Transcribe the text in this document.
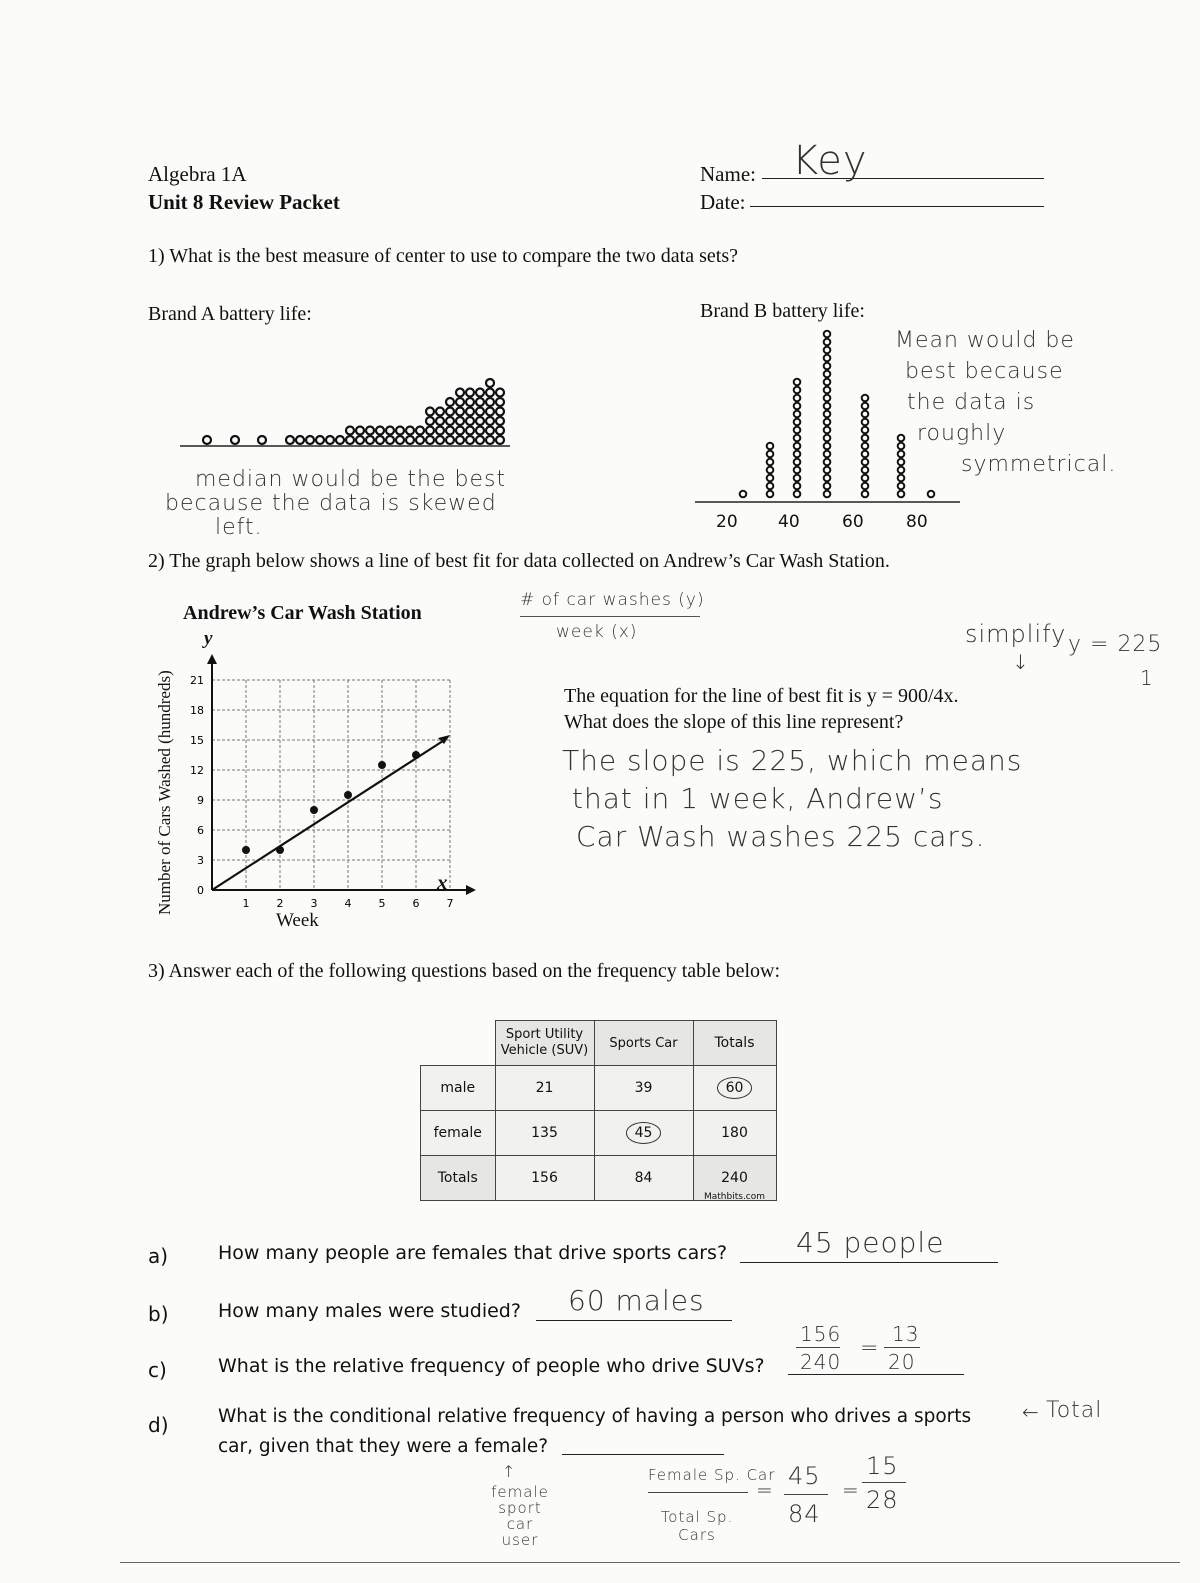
Algebra 1A
Unit 8 Review Packet
Name: Key
Date:
1) What is the best measure of center to use to compare the two data sets?
Brand A battery life:	Brand B battery life:
20 40 60 80
median would be the best
because the data is skewed
left.
Mean would be
best because
the data is
roughly
symmetrical.
2) The graph below shows a line of best fit for data collected on Andrew’s Car Wash Station.
Andrew’s Car Wash Station
Number of Cars Washed (hundreds)
y
x
Week
1 2 3 4 5 6 7
0
3
6
9
12
15
18
21
# of car washes (y)
week (x)	simplify
↓
y = 225
1
The equation for the line of best fit is y = 900/4x.
What does the slope of this line represent?
The slope is 225, which means
that in 1 week, Andrew’s
Car Wash washes 225 cars.
3) Answer each of the following questions based on the frequency table below:
	Sport Utility Vehicle (SUV)	Sports Car	Totals
male	21	39	60
female	135	45	180
Totals	156	84	240
Mathbits.com
a)	How many people are females that drive sports cars? 45 people
b)	How many males were studied? 60 males
c)	What is the relative frequency of people who drive SUVs?
156
240
=
13
20
d)	What is the conditional relative frequency of having a person who drives a sports
car, given that they were a female?
← Total
↑
female
sport
car
user
Female Sp. Car
Total Sp. Cars
= 45
84
=
15
28
